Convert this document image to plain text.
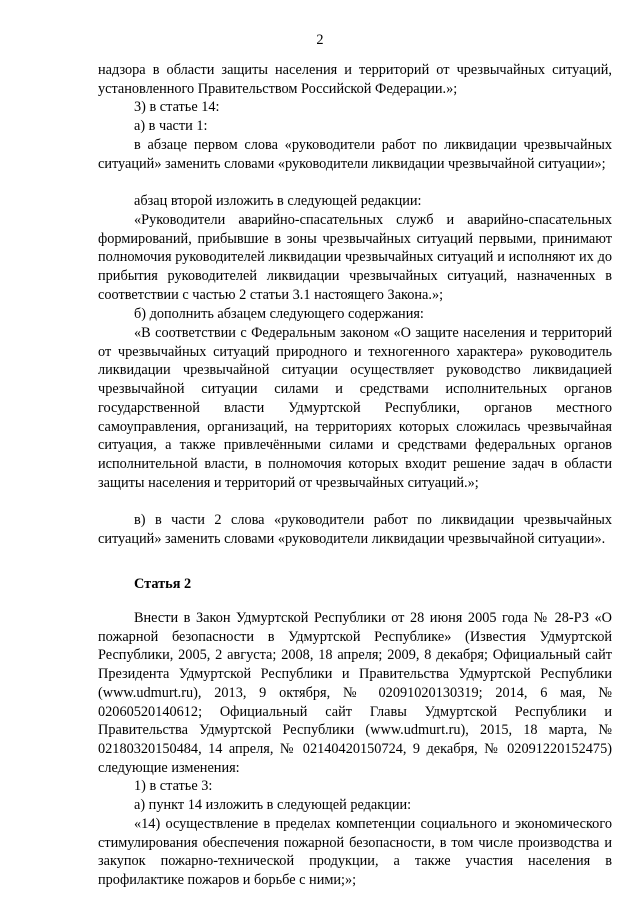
2
надзора в области защиты населения и территорий от чрезвычайных ситуаций, установленного Правительством Российской Федерации.»;
3) в статье 14:
а) в части 1:
в абзаце первом слова «руководители работ по ликвидации чрезвычайных ситуаций» заменить словами «руководители ликвидации чрезвычайной ситуации»;
абзац второй изложить в следующей редакции:
«Руководители аварийно-спасательных служб и аварийно-спасательных формирований, прибывшие в зоны чрезвычайных ситуаций первыми, принимают полномочия руководителей ликвидации чрезвычайных ситуаций и исполняют их до прибытия руководителей ликвидации чрезвычайных ситуаций, назначенных в соответствии с частью 2 статьи 3.1 настоящего Закона.»;
б) дополнить абзацем следующего содержания:
«В соответствии с Федеральным законом «О защите населения и территорий от чрезвычайных ситуаций природного и техногенного характера» руководитель ликвидации чрезвычайной ситуации осуществляет руководство ликвидацией чрезвычайной ситуации силами и средствами исполнительных органов государственной власти Удмуртской Республики, органов местного самоуправления, организаций, на территориях которых сложилась чрезвычайная ситуация, а также привлечёнными силами и средствами федеральных органов исполнительной власти, в полномочия которых входит решение задач в области защиты населения и территорий от чрезвычайных ситуаций.»;
в) в части 2 слова «руководители работ по ликвидации чрезвычайных ситуаций» заменить словами «руководители ликвидации чрезвычайной ситуации».
Статья 2
Внести в Закон Удмуртской Республики от 28 июня 2005 года № 28-РЗ «О пожарной безопасности в Удмуртской Республике» (Известия Удмуртской Республики, 2005, 2 августа; 2008, 18 апреля; 2009, 8 декабря; Официальный сайт Президента Удмуртской Республики и Правительства Удмуртской Республики (www.udmurt.ru), 2013, 9 октября, № 02091020130319; 2014, 6 мая, № 02060520140612; Официальный сайт Главы Удмуртской Республики и Правительства Удмуртской Республики (www.udmurt.ru), 2015, 18 марта, № 02180320150484, 14 апреля, № 02140420150724, 9 декабря, № 02091220152475) следующие изменения:
1) в статье 3:
а) пункт 14 изложить в следующей редакции:
«14) осуществление в пределах компетенции социального и экономического стимулирования обеспечения пожарной безопасности, в том числе производства и закупок пожарно-технической продукции, а также участия населения в профилактике пожаров и борьбе с ними;»;
